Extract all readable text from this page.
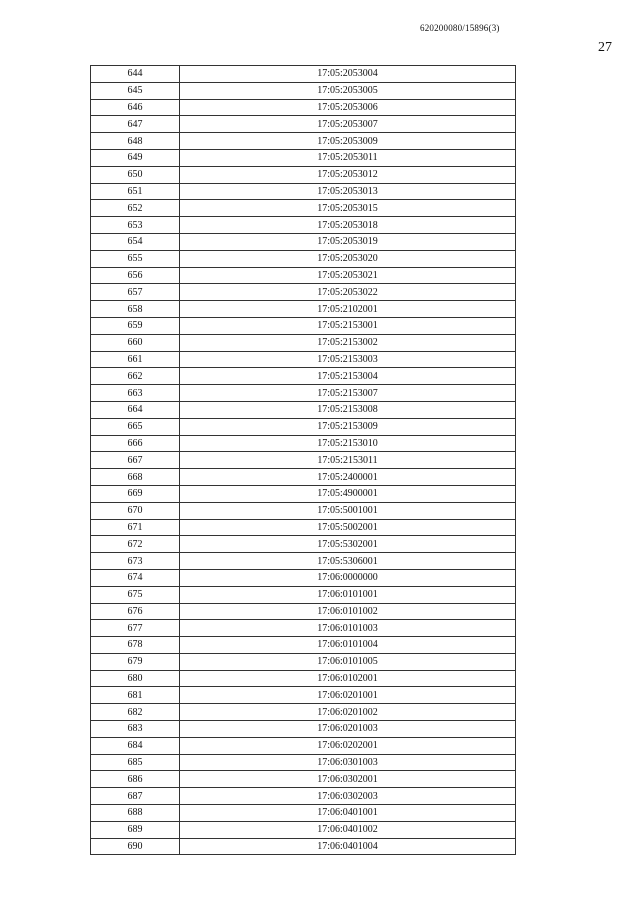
620200080/15896(3)
27
644	17:05:2053004
645	17:05:2053005
646	17:05:2053006
647	17:05:2053007
648	17:05:2053009
649	17:05:2053011
650	17:05:2053012
651	17:05:2053013
652	17:05:2053015
653	17:05:2053018
654	17:05:2053019
655	17:05:2053020
656	17:05:2053021
657	17:05:2053022
658	17:05:2102001
659	17:05:2153001
660	17:05:2153002
661	17:05:2153003
662	17:05:2153004
663	17:05:2153007
664	17:05:2153008
665	17:05:2153009
666	17:05:2153010
667	17:05:2153011
668	17:05:2400001
669	17:05:4900001
670	17:05:5001001
671	17:05:5002001
672	17:05:5302001
673	17:05:5306001
674	17:06:0000000
675	17:06:0101001
676	17:06:0101002
677	17:06:0101003
678	17:06:0101004
679	17:06:0101005
680	17:06:0102001
681	17:06:0201001
682	17:06:0201002
683	17:06:0201003
684	17:06:0202001
685	17:06:0301003
686	17:06:0302001
687	17:06:0302003
688	17:06:0401001
689	17:06:0401002
690	17:06:0401004
